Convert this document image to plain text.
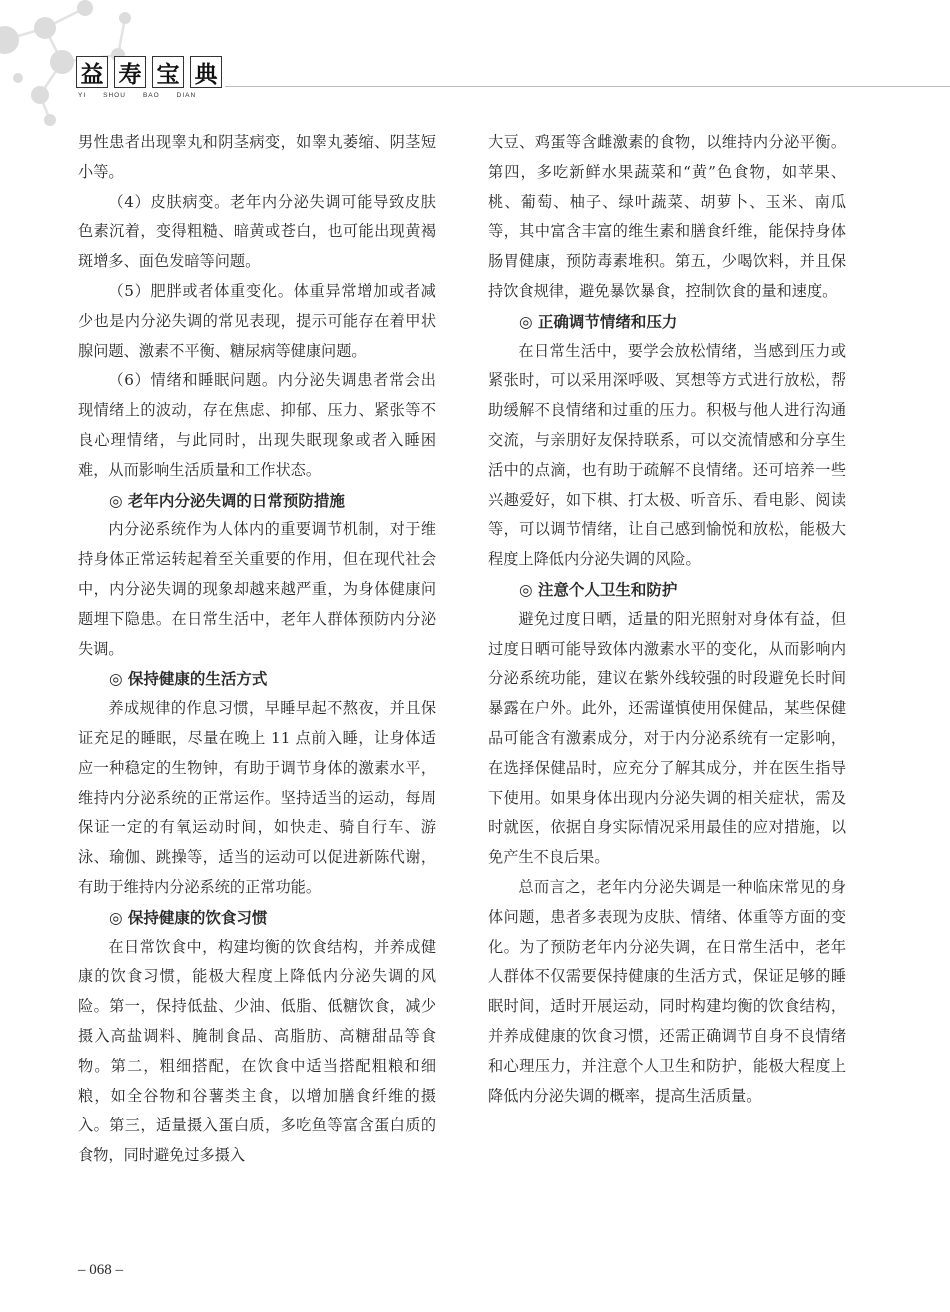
益 寿 宝 典
YI	SHOU	BAO	DIAN

男性患者出现睾丸和阴茎病变，如睾丸萎缩、阴茎短小等。

（4）皮肤病变。老年内分泌失调可能导致皮肤色素沉着，变得粗糙、暗黄或苍白，也可能出现黄褐斑增多、面色发暗等问题。

（5）肥胖或者体重变化。体重异常增加或者减少也是内分泌失调的常见表现，提示可能存在着甲状腺问题、激素不平衡、糖尿病等健康问题。

（6）情绪和睡眠问题。内分泌失调患者常会出现情绪上的波动，存在焦虑、抑郁、压力、紧张等不良心理情绪，与此同时，出现失眠现象或者入睡困难，从而影响生活质量和工作状态。

◎ 老年内分泌失调的日常预防措施

内分泌系统作为人体内的重要调节机制，对于维持身体正常运转起着至关重要的作用，但在现代社会中，内分泌失调的现象却越来越严重，为身体健康问题埋下隐患。在日常生活中，老年人群体预防内分泌失调。

◎ 保持健康的生活方式

养成规律的作息习惯，早睡早起不熬夜，并且保证充足的睡眠，尽量在晚上 11 点前入睡，让身体适应一种稳定的生物钟，有助于调节身体的激素水平，维持内分泌系统的正常运作。坚持适当的运动，每周保证一定的有氧运动时间，如快走、骑自行车、游泳、瑜伽、跳操等，适当的运动可以促进新陈代谢，有助于维持内分泌系统的正常功能。

◎ 保持健康的饮食习惯

在日常饮食中，构建均衡的饮食结构，并养成健康的饮食习惯，能极大程度上降低内分泌失调的风险。第一，保持低盐、少油、低脂、低糖饮食，减少摄入高盐调料、腌制食品、高脂肪、高糖甜品等食物。第二，粗细搭配，在饮食中适当搭配粗粮和细粮，如全谷物和谷薯类主食，以增加膳食纤维的摄入。第三，适量摄入蛋白质，多吃鱼等富含蛋白质的食物，同时避免过多摄入

大豆、鸡蛋等含雌激素的食物，以维持内分泌平衡。第四，多吃新鲜水果蔬菜和“黄”色食物，如苹果、桃、葡萄、柚子、绿叶蔬菜、胡萝卜、玉米、南瓜等，其中富含丰富的维生素和膳食纤维，能保持身体肠胃健康，预防毒素堆积。第五，少喝饮料，并且保持饮食规律，避免暴饮暴食，控制饮食的量和速度。

◎ 正确调节情绪和压力

在日常生活中，要学会放松情绪，当感到压力或紧张时，可以采用深呼吸、冥想等方式进行放松，帮助缓解不良情绪和过重的压力。积极与他人进行沟通交流，与亲朋好友保持联系，可以交流情感和分享生活中的点滴，也有助于疏解不良情绪。还可培养一些兴趣爱好，如下棋、打太极、听音乐、看电影、阅读等，可以调节情绪，让自己感到愉悦和放松，能极大程度上降低内分泌失调的风险。

◎ 注意个人卫生和防护

避免过度日晒，适量的阳光照射对身体有益，但过度日晒可能导致体内激素水平的变化，从而影响内分泌系统功能，建议在紫外线较强的时段避免长时间暴露在户外。此外，还需谨慎使用保健品，某些保健品可能含有激素成分，对于内分泌系统有一定影响，在选择保健品时，应充分了解其成分，并在医生指导下使用。如果身体出现内分泌失调的相关症状，需及时就医，依据自身实际情况采用最佳的应对措施，以免产生不良后果。

总而言之，老年内分泌失调是一种临床常见的身体问题，患者多表现为皮肤、情绪、体重等方面的变化。为了预防老年内分泌失调，在日常生活中，老年人群体不仅需要保持健康的生活方式，保证足够的睡眠时间，适时开展运动，同时构建均衡的饮食结构，并养成健康的饮食习惯，还需正确调节自身不良情绪和心理压力，并注意个人卫生和防护，能极大程度上降低内分泌失调的概率，提高生活质量。

– 068 –
